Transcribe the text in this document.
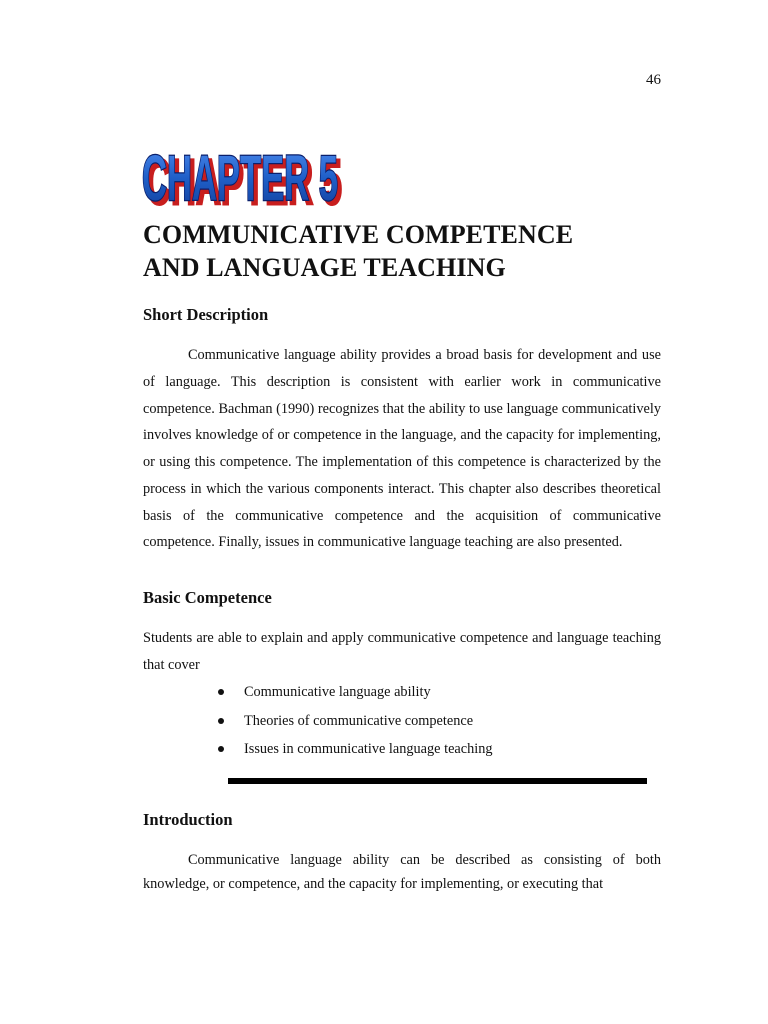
46
CHAPTER 5
CHAPTER 5
COMMUNICATIVE COMPETENCE
AND LANGUAGE TEACHING
Short Description

Communicative language ability provides a broad basis for development and use of language. This description is consistent with earlier work in communicative competence. Bachman (1990) recognizes that the ability to use language communicatively involves knowledge of or competence in the language, and the capacity for implementing, or using this competence. The implementation of this competence is characterized by the process in which the various components interact. This chapter also describes theoretical basis of the communicative competence and the acquisition of communicative competence. Finally, issues in communicative language teaching are also presented.

Basic Competence

Students are able to explain and apply communicative competence and language teaching that cover

Communicative language ability
Theories of communicative competence
Issues in communicative language teaching
Introduction

Communicative language ability can be described as consisting of both knowledge, or competence, and the capacity for implementing, or executing that
